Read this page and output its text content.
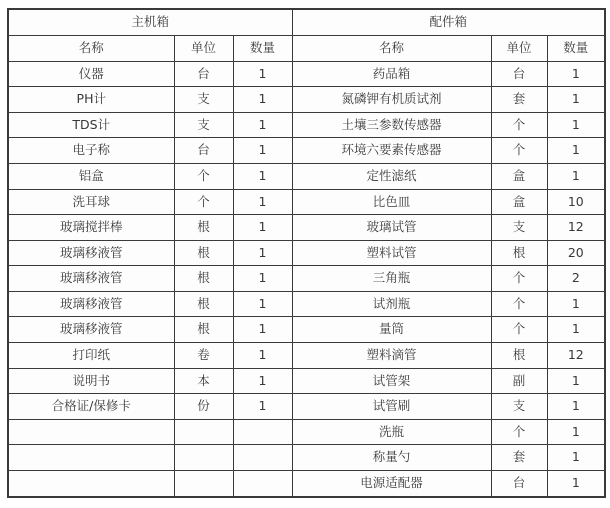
主机箱			配件箱		
名称	单位	数量	名称	单位	数量
仪器	台	1	药品箱	台	1
PH计	支	1	氮磷钾有机质试剂	套	1
TDS计	支	1	土壤三参数传感器	个	1
电子称	台	1	环境六要素传感器	个	1
铝盒	个	1	定性滤纸	盒	1
洗耳球	个	1	比色皿	盒	10
玻璃搅拌棒	根	1	玻璃试管	支	12
玻璃移液管	根	1	塑料试管	根	20
玻璃移液管	根	1	三角瓶	个	2
玻璃移液管	根	1	试剂瓶	个	1
玻璃移液管	根	1	量筒	个	1
打印纸	卷	1	塑料滴管	根	12
说明书	本	1	试管架	副	1
合格证/保修卡	份	1	试管刷	支	1
			洗瓶	个	1
			称量勺	套	1
			电源适配器	台	1
